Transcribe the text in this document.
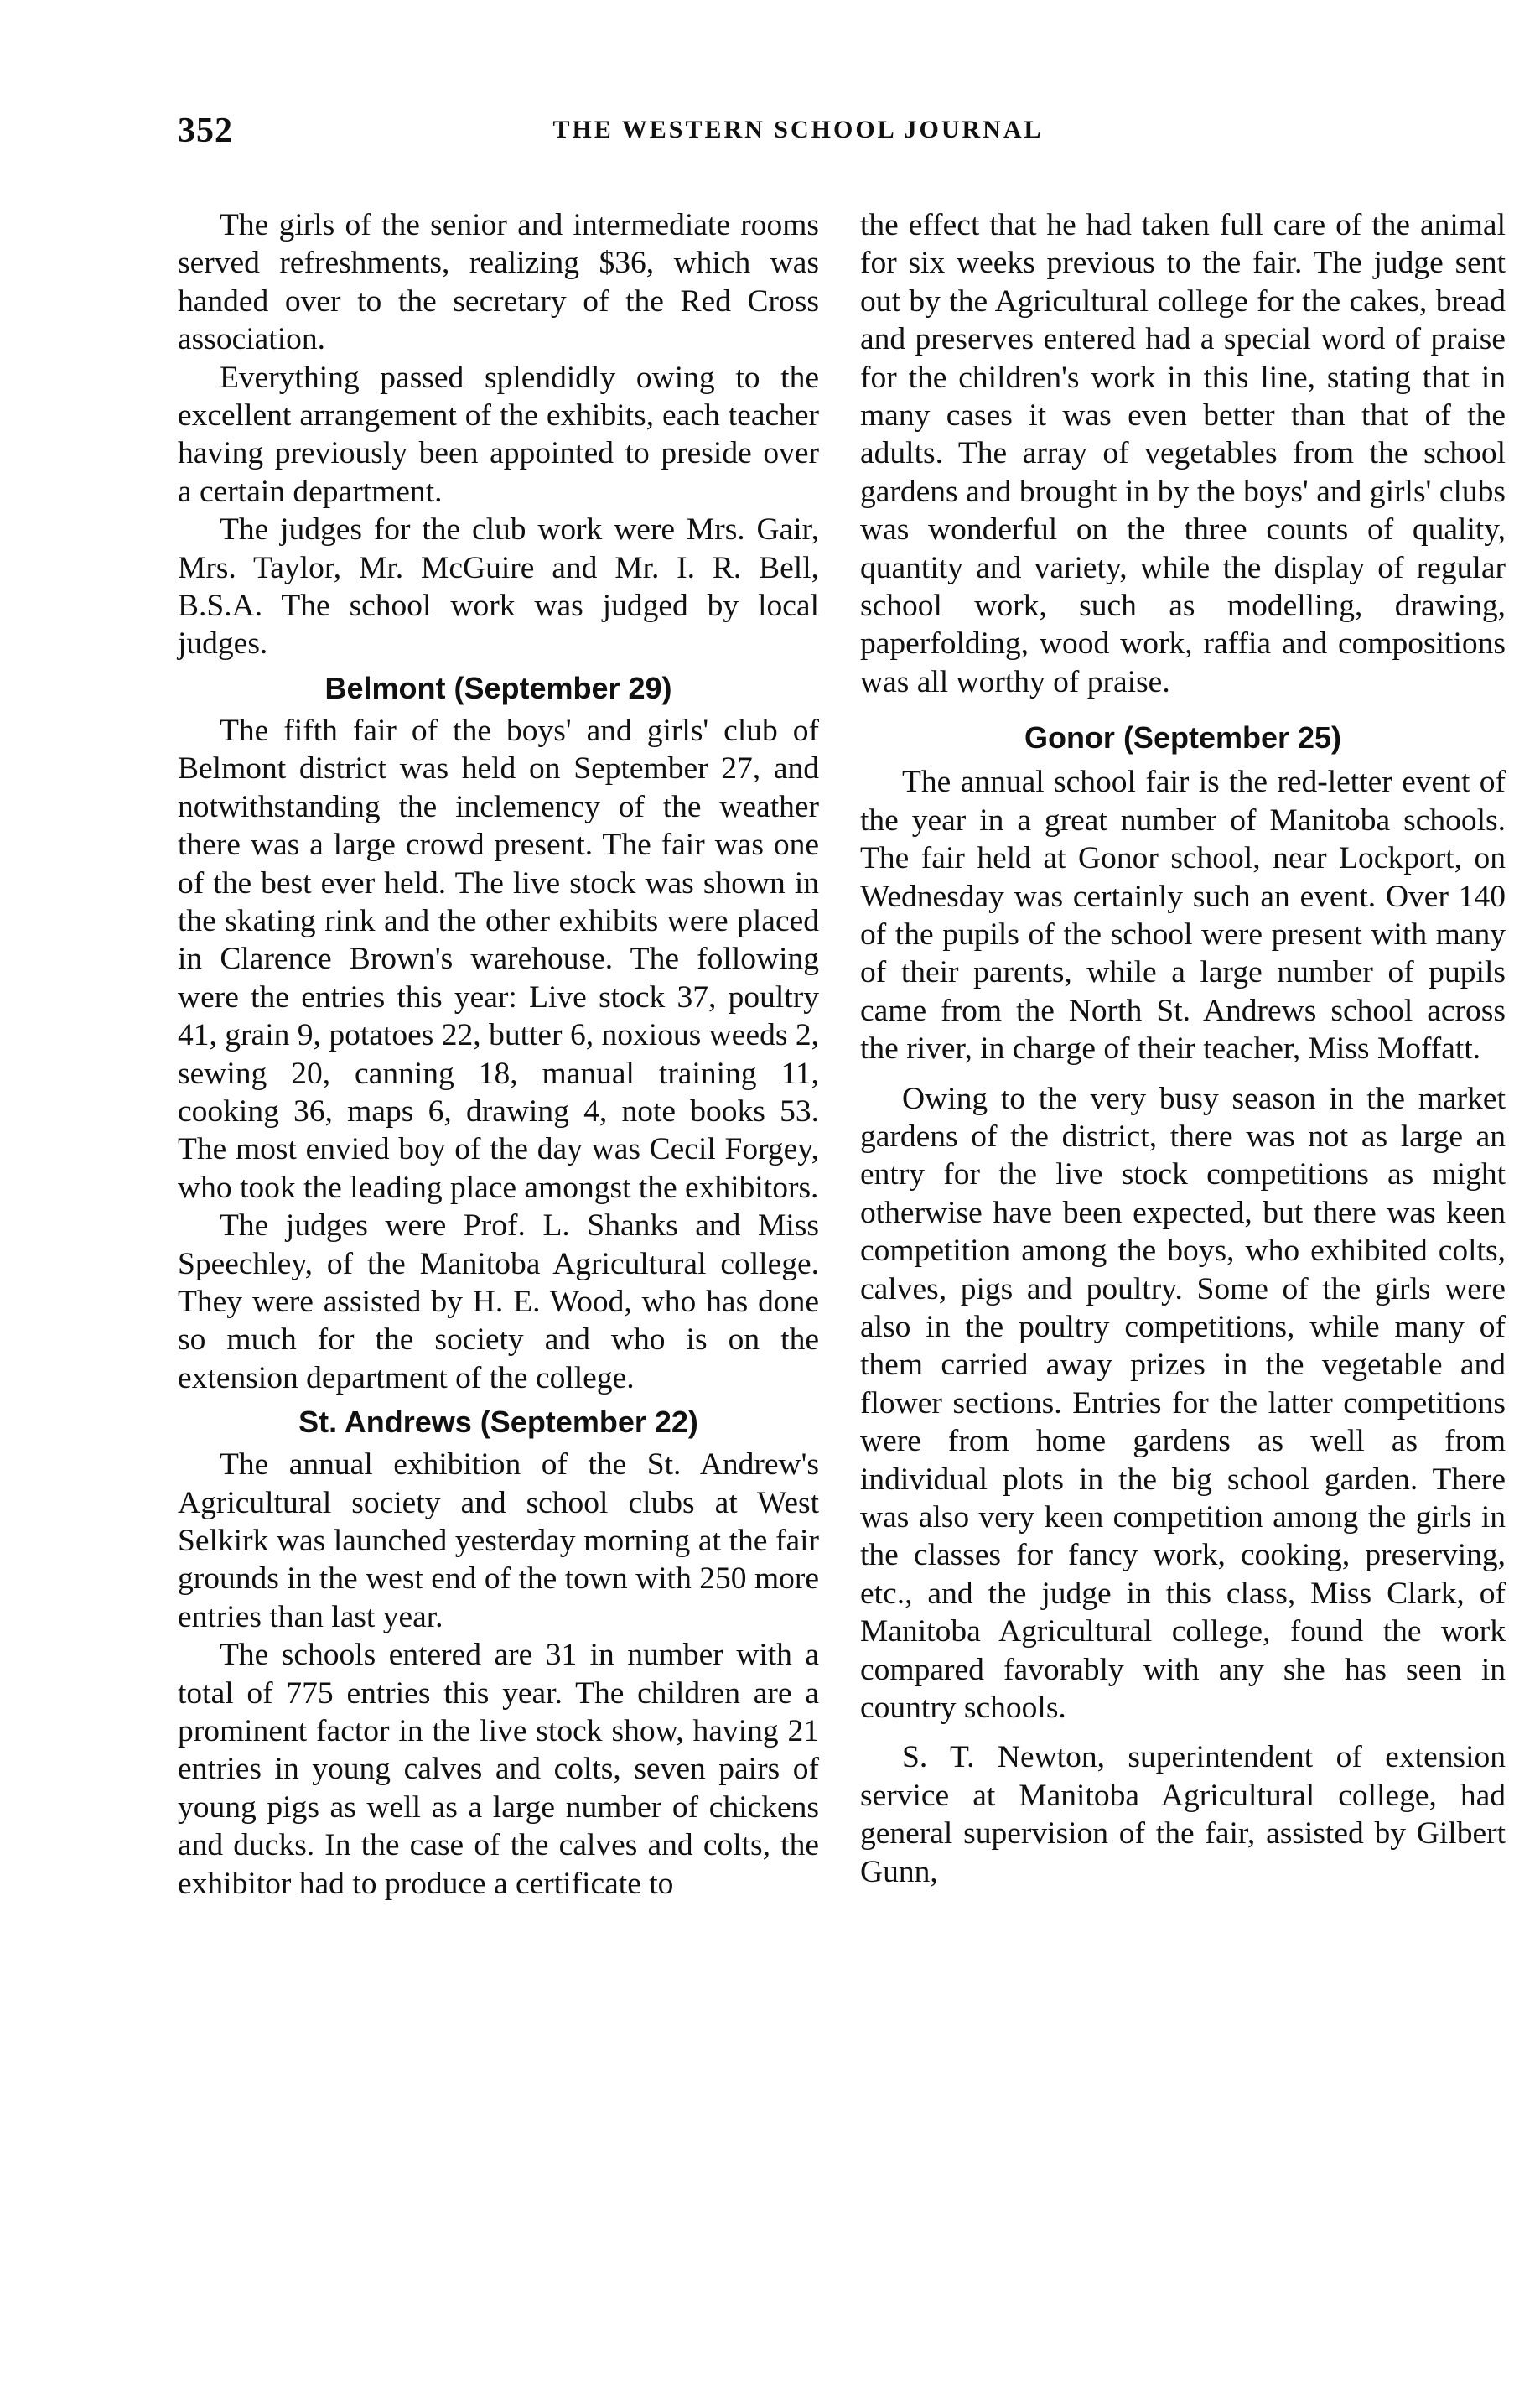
352	THE WESTERN SCHOOL JOURNAL

The girls of the senior and intermediate rooms served refreshments, realizing $36, which was handed over to the secretary of the Red Cross association.

Everything passed splendidly owing to the excellent arrangement of the exhibits, each teacher having previously been appointed to preside over a certain department.

The judges for the club work were Mrs. Gair, Mrs. Taylor, Mr. McGuire and Mr. I. R. Bell, B.S.A. The school work was judged by local judges.

Belmont (September 29)

The fifth fair of the boys' and girls' club of Belmont district was held on September 27, and notwithstanding the inclemency of the weather there was a large crowd present. The fair was one of the best ever held. The live stock was shown in the skating rink and the other exhibits were placed in Clarence Brown's warehouse. The following were the entries this year: Live stock 37, poultry 41, grain 9, potatoes 22, butter 6, noxious weeds 2, sewing 20, canning 18, manual training 11, cooking 36, maps 6, drawing 4, note books 53. The most envied boy of the day was Cecil Forgey, who took the leading place amongst the exhibitors.

The judges were Prof. L. Shanks and Miss Speechley, of the Manitoba Agricultural college. They were assisted by H. E. Wood, who has done so much for the society and who is on the extension department of the college.

St. Andrews (September 22)

The annual exhibition of the St. Andrew's Agricultural society and school clubs at West Selkirk was launched yesterday morning at the fair grounds in the west end of the town with 250 more entries than last year.

The schools entered are 31 in number with a total of 775 entries this year. The children are a prominent factor in the live stock show, having 21 entries in young calves and colts, seven pairs of young pigs as well as a large number of chickens and ducks. In the case of the calves and colts, the exhibitor had to produce a certificate to

the effect that he had taken full care of the animal for six weeks previous to the fair. The judge sent out by the Agricultural college for the cakes, bread and preserves entered had a special word of praise for the children's work in this line, stating that in many cases it was even better than that of the adults. The array of vegetables from the school gardens and brought in by the boys' and girls' clubs was wonderful on the three counts of quality, quantity and variety, while the display of regular school work, such as modelling, drawing, paperfolding, wood work, raffia and compositions was all worthy of praise.

Gonor (September 25)

The annual school fair is the red-letter event of the year in a great number of Manitoba schools. The fair held at Gonor school, near Lockport, on Wednesday was certainly such an event. Over 140 of the pupils of the school were present with many of their parents, while a large number of pupils came from the North St. Andrews school across the river, in charge of their teacher, Miss Moffatt.

Owing to the very busy season in the market gardens of the district, there was not as large an entry for the live stock competitions as might otherwise have been expected, but there was keen competition among the boys, who exhibited colts, calves, pigs and poultry. Some of the girls were also in the poultry competitions, while many of them carried away prizes in the vegetable and flower sections. Entries for the latter competitions were from home gardens as well as from individual plots in the big school garden. There was also very keen competition among the girls in the classes for fancy work, cooking, preserving, etc., and the judge in this class, Miss Clark, of Manitoba Agricultural college, found the work compared favorably with any she has seen in country schools.

S. T. Newton, superintendent of extension service at Manitoba Agricultural college, had general supervision of the fair, assisted by Gilbert Gunn,
